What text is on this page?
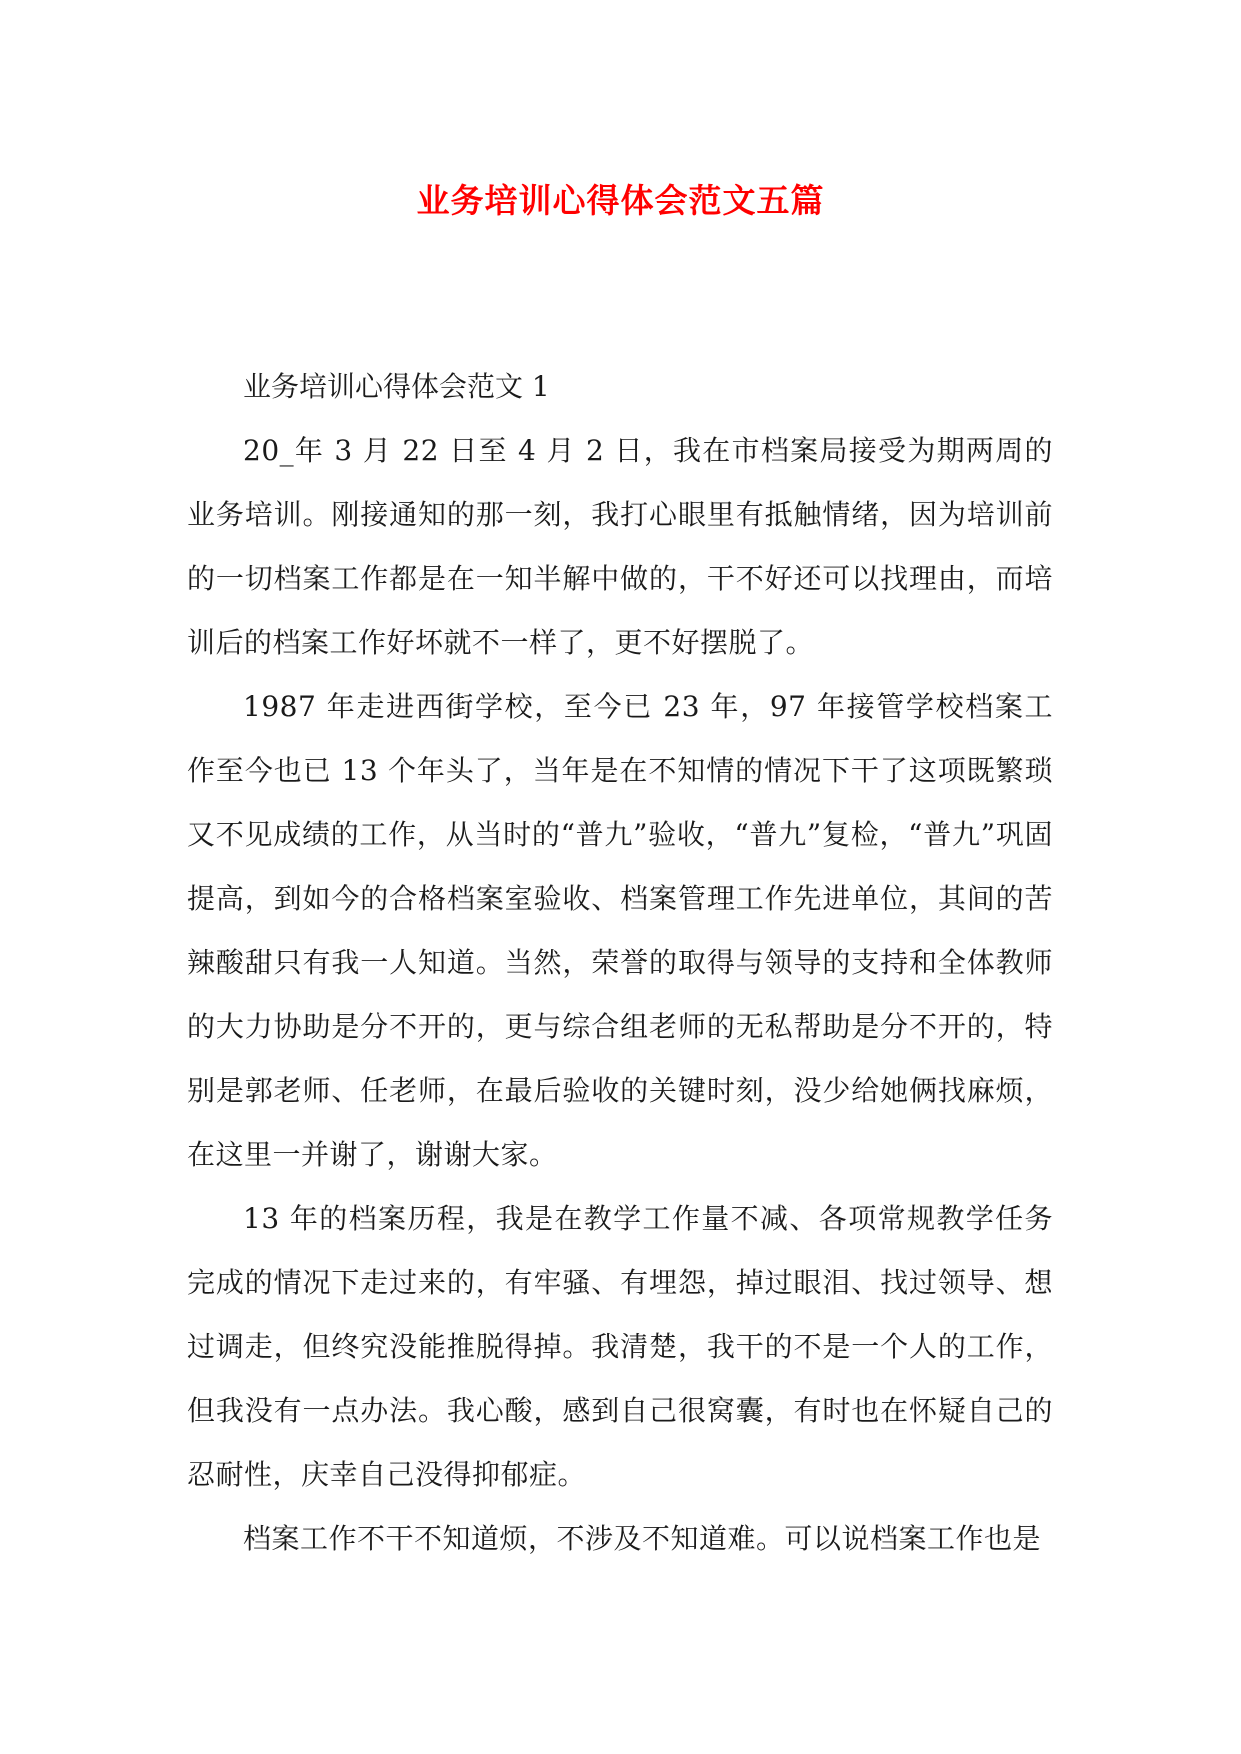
业务培训心得体会范文五篇

业务培训心得体会范文 1

20_年 3 月 22 日至 4 月 2 日，我在市档案局接受为期两周的业务培训。刚接通知的那一刻，我打心眼里有抵触情绪，因为培训前的一切档案工作都是在一知半解中做的，干不好还可以找理由，而培训后的档案工作好坏就不一样了，更不好摆脱了。

1987 年走进西街学校，至今已 23 年，97 年接管学校档案工作至今也已 13 个年头了，当年是在不知情的情况下干了这项既繁琐又不见成绩的工作，从当时的“普九”验收，“普九”复检，“普九”巩固提高，到如今的合格档案室验收、档案管理工作先进单位，其间的苦辣酸甜只有我一人知道。当然，荣誉的取得与领导的支持和全体教师的大力协助是分不开的，更与综合组老师的无私帮助是分不开的，特别是郭老师、任老师，在最后验收的关键时刻，没少给她俩找麻烦，在这里一并谢了，谢谢大家。

13 年的档案历程，我是在教学工作量不减、各项常规教学任务完成的情况下走过来的，有牢骚、有埋怨，掉过眼泪、找过领导、想过调走，但终究没能推脱得掉。我清楚，我干的不是一个人的工作，但我没有一点办法。我心酸，感到自己很窝囊，有时也在怀疑自己的忍耐性，庆幸自己没得抑郁症。

档案工作不干不知道烦，不涉及不知道难。可以说档案工作也是
